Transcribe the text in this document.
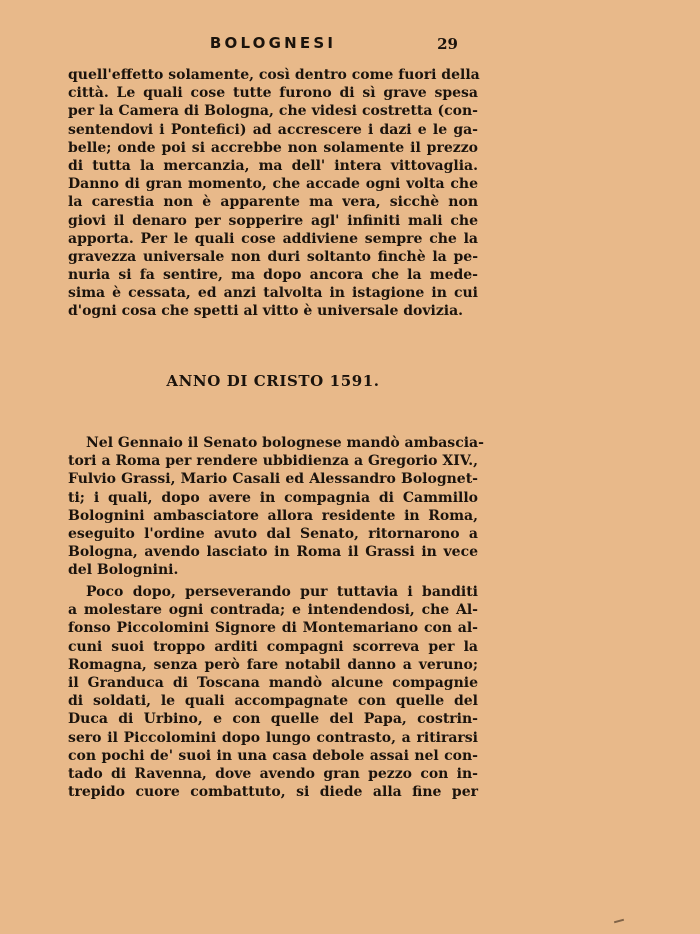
BOLOGNESI	29
quell'effetto solamente, così dentro come fuori della
città. Le quali cose tutte furono di sì grave spesa
per la Camera di Bologna, che videsi costretta (con-
sentendovi i Pontefici) ad accrescere i dazi e le ga-
belle; onde poi si accrebbe non solamente il prezzo
di tutta la mercanzia, ma dell' intera vittovaglia.
Danno di gran momento, che accade ogni volta che
la carestia non è apparente ma vera, sicchè non
giovi il denaro per sopperire agl' infiniti mali che
apporta. Per le quali cose addiviene sempre che la
gravezza universale non duri soltanto finchè la pe-
nuria si fa sentire, ma dopo ancora che la mede-
sima è cessata, ed anzi talvolta in istagione in cui
d'ogni cosa che spetti al vitto è universale dovizia.
ANNO DI CRISTO 1591.
Nel Gennaio il Senato bolognese mandò ambascia-
tori a Roma per rendere ubbidienza a Gregorio XIV.,
Fulvio Grassi, Mario Casali ed Alessandro Bolognet-
ti; i quali, dopo avere in compagnia di Cammillo
Bolognini ambasciatore allora residente in Roma,
eseguito l'ordine avuto dal Senato, ritornarono a
Bologna, avendo lasciato in Roma il Grassi in vece
del Bolognini.
Poco dopo, perseverando pur tuttavia i banditi
a molestare ogni contrada; e intendendosi, che Al-
fonso Piccolomini Signore di Montemariano con al-
cuni suoi troppo arditi compagni scorreva per la
Romagna, senza però fare notabil danno a veruno;
il Granduca di Toscana mandò alcune compagnie
di soldati, le quali accompagnate con quelle del
Duca di Urbino, e con quelle del Papa, costrin-
sero il Piccolomini dopo lungo contrasto, a ritirarsi
con pochi de' suoi in una casa debole assai nel con-
tado di Ravenna, dove avendo gran pezzo con in-
trepido cuore combattuto, si diede alla fine per
